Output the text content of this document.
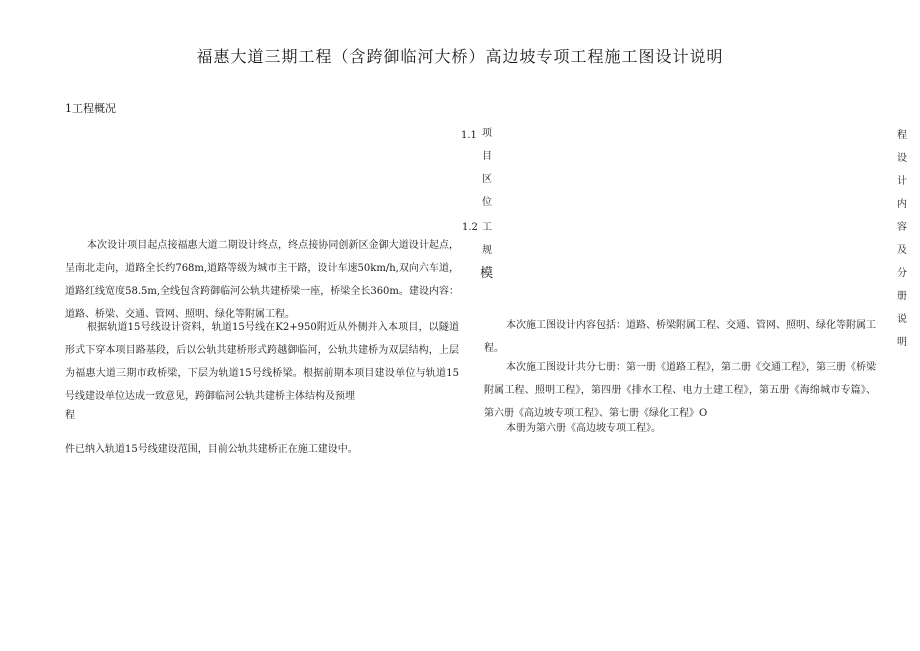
福惠大道三期工程（含跨御临河大桥）高边坡专项工程施工图设计说明
1工程概况
1.1 项
目
区
位
1.2 工
规
模
本次设计项目起点接福惠大道二期设计终点，终点接协同创新区金御大道设计起点，呈南北走向，道路全长约768m,道路等级为城市主干路，设计车速50km/h,双向六车道，道路红线宽度58.5m,全线包含跨御临河公轨共建桥梁一座，桥梁全长360m。建设内容：道路、桥梁、交通、管网、照明、绿化等附属工程。
根据轨道15号线设计资料，轨道15号线在K2+950附近从外侧并入本项目，以隧道形式下穿本项目路基段，后以公轨共建桥形式跨越御临河，公轨共建桥为双层结构，上层为福惠大道三期市政桥梁，下层为轨道15号线桥梁。根据前期本项目建设单位与轨道15号线建设单位达成一致意见，跨御临河公轨共建桥主体结构及预埋
程
件已纳入轨道15号线建设范围，目前公轨共建桥正在施工建设中。
本次施工图设计内容包括：道路、桥梁附属工程、交通、管网、照明、绿化等附属工程。
本次施工图设计共分七册：第一册《道路工程》，第二册《交通工程》，第三册《桥梁附属工程、照明工程》，第四册《排水工程、电力土建工程》，第五册《海绵城市专篇》、第六册《高边坡专项工程》、第七册《绿化工程》O
本册为第六册《高边坡专项工程》。
程
设
计
内
容
及
分
册
说
明
